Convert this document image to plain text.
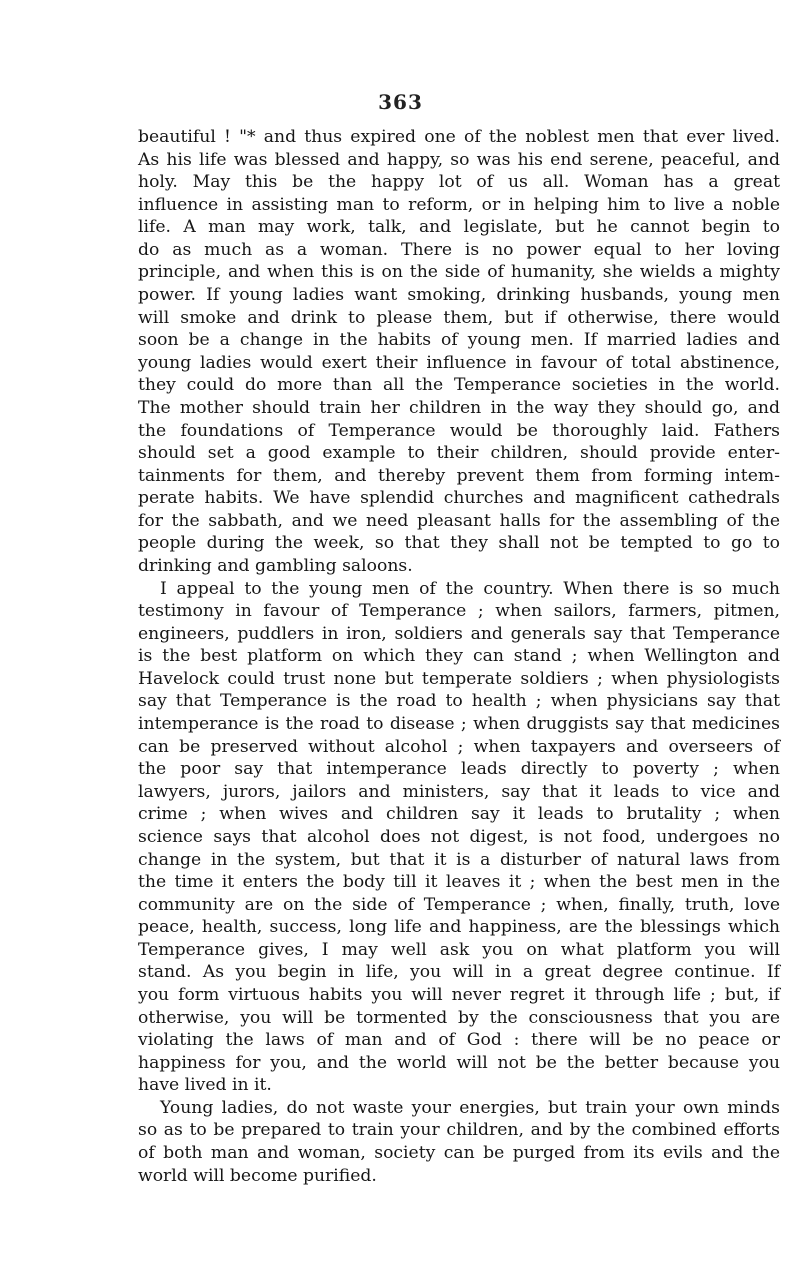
363
beautiful ! "* and thus expired one of the noblest men that ever lived.
As his life was blessed and happy, so was his end serene, peaceful, and
holy. May this be the happy lot of us all. Woman has a great
influence in assisting man to reform, or in helping him to live a noble
life. A man may work, talk, and legislate, but he cannot begin to
do as much as a woman. There is no power equal to her loving
principle, and when this is on the side of humanity, she wields a mighty
power. If young ladies want smoking, drinking husbands, young men
will smoke and drink to please them, but if otherwise, there would
soon be a change in the habits of young men. If married ladies and
young ladies would exert their influence in favour of total abstinence,
they could do more than all the Temperance societies in the world.
The mother should train her children in the way they should go, and
the foundations of Temperance would be thoroughly laid. Fathers
should set a good example to their children, should provide enter-
tainments for them, and thereby prevent them from forming intem-
perate habits. We have splendid churches and magnificent cathedrals
for the sabbath, and we need pleasant halls for the assembling of the
people during the week, so that they shall not be tempted to go to
drinking and gambling saloons.
I appeal to the young men of the country. When there is so much
testimony in favour of Temperance ; when sailors, farmers, pitmen,
engineers, puddlers in iron, soldiers and generals say that Temperance
is the best platform on which they can stand ; when Wellington and
Havelock could trust none but temperate soldiers ; when physiologists
say that Temperance is the road to health ; when physicians say that
intemperance is the road to disease ; when druggists say that medicines
can be preserved without alcohol ; when taxpayers and overseers of
the poor say that intemperance leads directly to poverty ; when
lawyers, jurors, jailors and ministers, say that it leads to vice and
crime ; when wives and children say it leads to brutality ; when
science says that alcohol does not digest, is not food, undergoes no
change in the system, but that it is a disturber of natural laws from
the time it enters the body till it leaves it ; when the best men in the
community are on the side of Temperance ; when, finally, truth, love
peace, health, success, long life and happiness, are the blessings which
Temperance gives, I may well ask you on what platform you will
stand. As you begin in life, you will in a great degree continue. If
you form virtuous habits you will never regret it through life ; but, if
otherwise, you will be tormented by the consciousness that you are
violating the laws of man and of God : there will be no peace or
happiness for you, and the world will not be the better because you
have lived in it.
Young ladies, do not waste your energies, but train your own minds
so as to be prepared to train your children, and by the combined efforts
of both man and woman, society can be purged from its evils and the
world will become purified.
